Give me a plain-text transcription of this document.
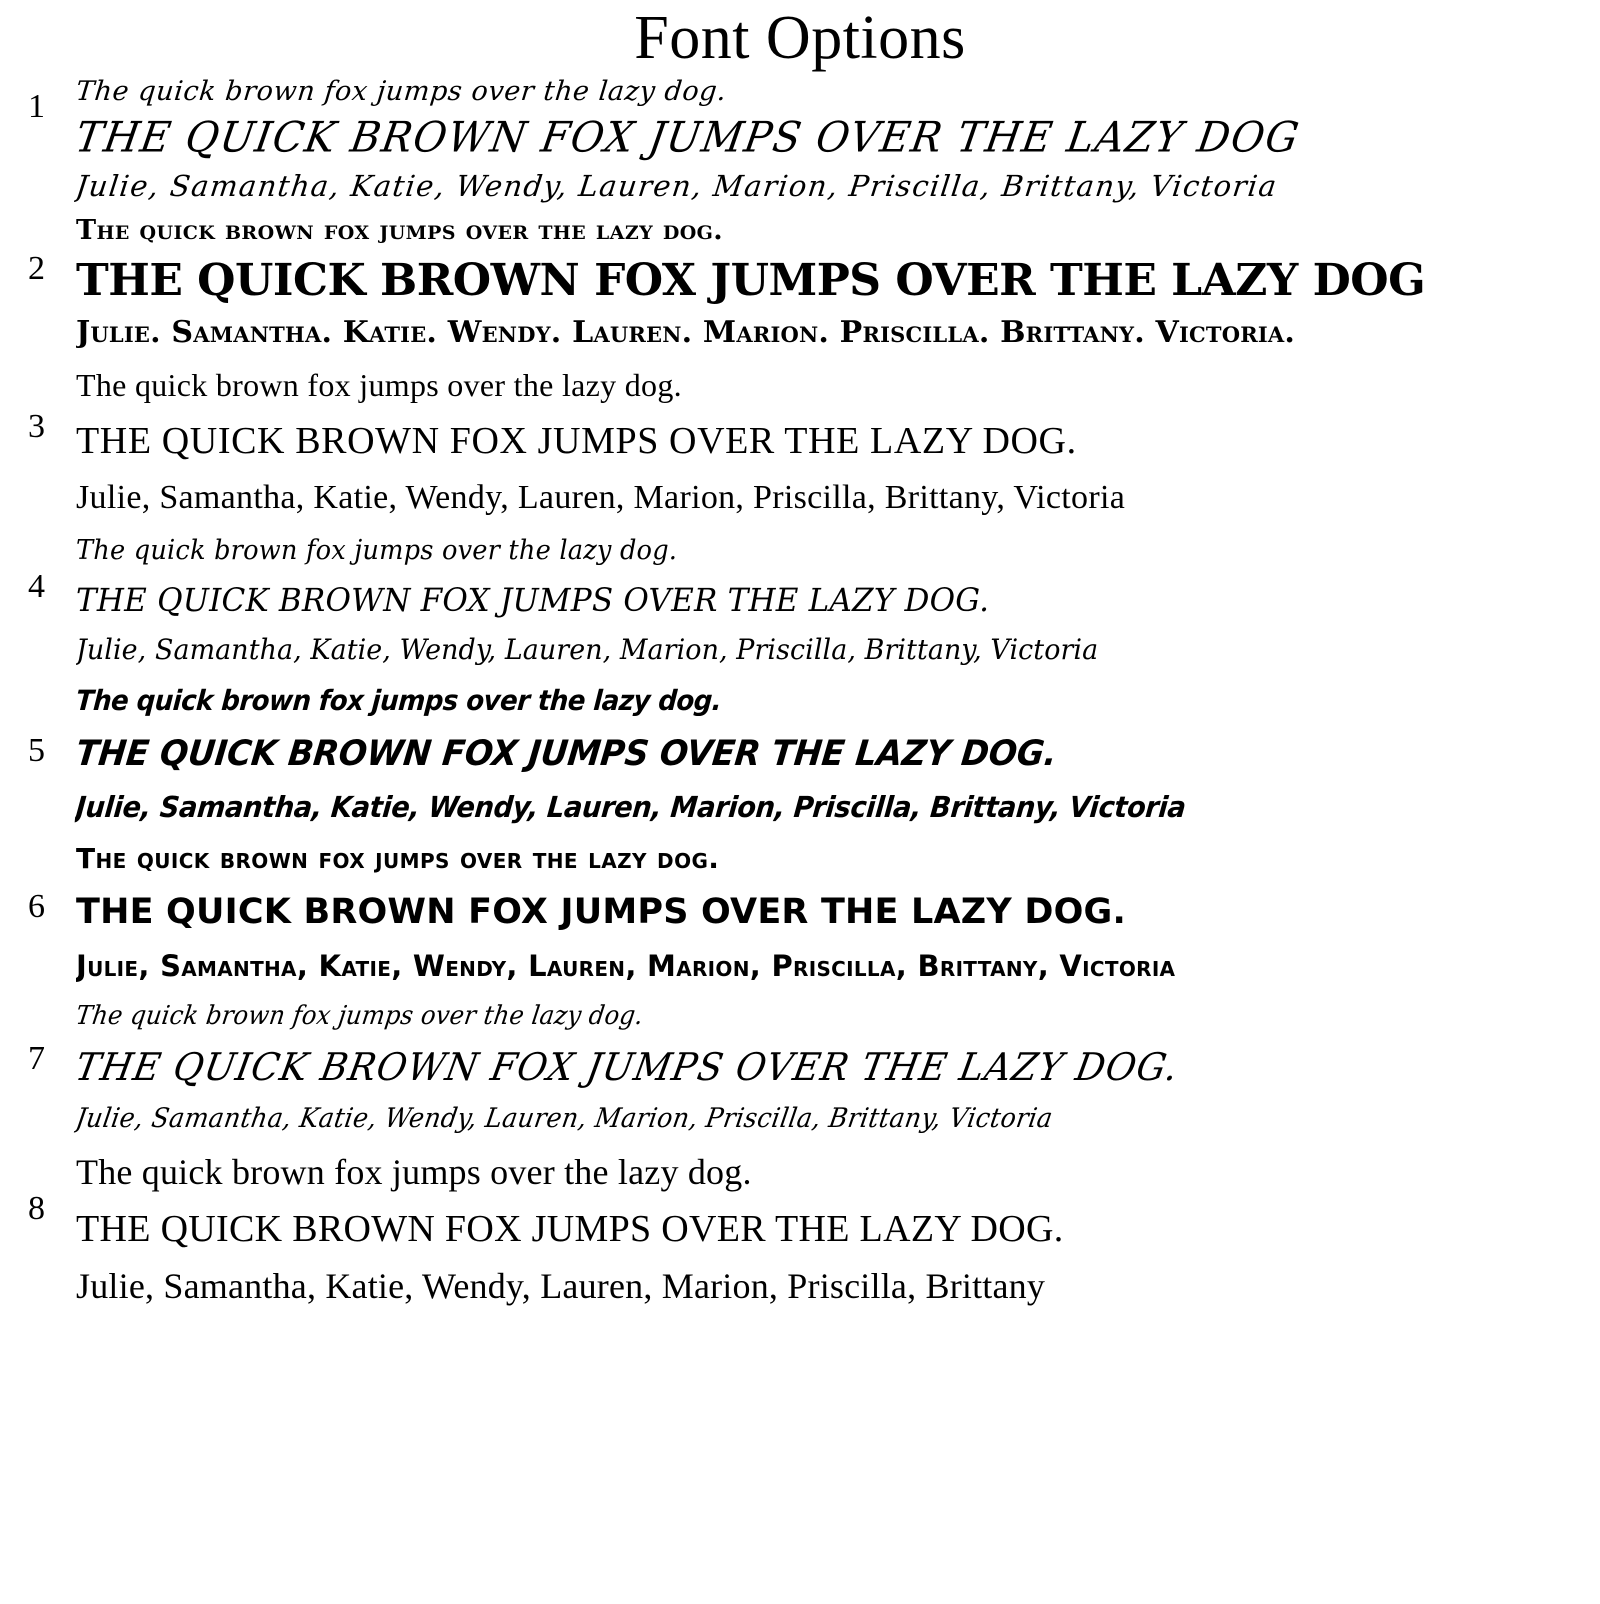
Font Options
1 The quick brown fox jumps over the lazy dog.
THE QUICK BROWN FOX JUMPS OVER THE LAZY DOG
Julie, Samantha, Katie, Wendy, Lauren, Marion, Priscilla, Brittany, Victoria
2
The quick brown fox jumps over the lazy dog.
THE QUICK BROWN FOX JUMPS OVER THE LAZY DOG
Julie. Samantha. Katie. Wendy. Lauren. Marion. Priscilla. Brittany. Victoria.
3
The quick brown fox jumps over the lazy dog.
THE QUICK BROWN FOX JUMPS OVER THE LAZY DOG.
Julie, Samantha, Katie, Wendy, Lauren, Marion, Priscilla, Brittany, Victoria
4
The quick brown fox jumps over the lazy dog.
THE QUICK BROWN FOX JUMPS OVER THE LAZY DOG.
Julie, Samantha, Katie, Wendy, Lauren, Marion, Priscilla, Brittany, Victoria
5
The quick brown fox jumps over the lazy dog.
THE QUICK BROWN FOX JUMPS OVER THE LAZY DOG.
Julie, Samantha, Katie, Wendy, Lauren, Marion, Priscilla, Brittany, Victoria
6
The quick brown fox jumps over the lazy dog.
THE QUICK BROWN FOX JUMPS OVER THE LAZY DOG.
Julie, Samantha, Katie, Wendy, Lauren, Marion, Priscilla, Brittany, Victoria
7
The quick brown fox jumps over the lazy dog.
THE QUICK BROWN FOX JUMPS OVER THE LAZY DOG.
Julie, Samantha, Katie, Wendy, Lauren, Marion, Priscilla, Brittany, Victoria
8
The quick brown fox jumps over the lazy dog.
THE QUICK BROWN FOX JUMPS OVER THE LAZY DOG.
Julie, Samantha, Katie, Wendy, Lauren, Marion, Priscilla, Brittany
